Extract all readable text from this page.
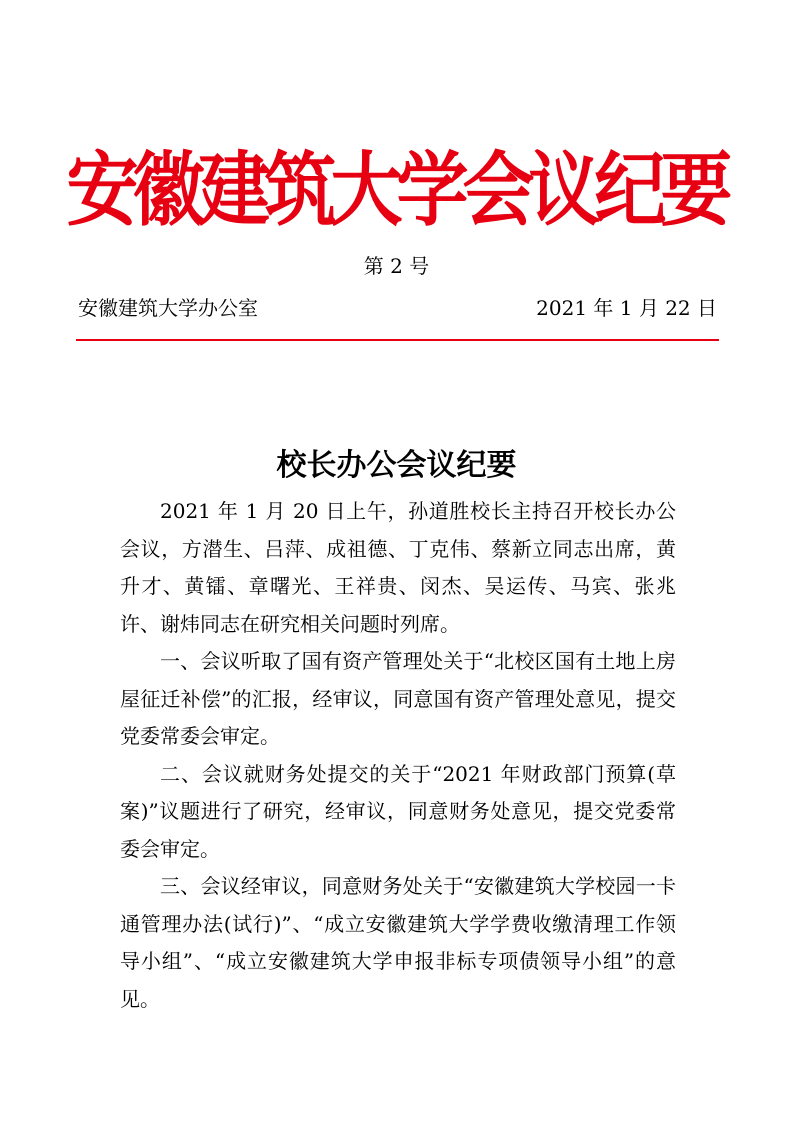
安徽建筑大学会议纪要
第 2 号
安徽建筑大学办公室	2021 年 1 月 22 日
校长办公会议纪要

2021 年 1 月 20 日上午，孙道胜校长主持召开校长办公会议，方潜生、吕萍、成祖德、丁克伟、蔡新立同志出席，黄升才、黄镭、章曙光、王祥贵、闵杰、吴运传、马宾、张兆许、谢炜同志在研究相关问题时列席。

一、会议听取了国有资产管理处关于“北校区国有土地上房屋征迁补偿”的汇报，经审议，同意国有资产管理处意见，提交党委常委会审定。

二、会议就财务处提交的关于“2021 年财政部门预算(草案)”议题进行了研究，经审议，同意财务处意见，提交党委常委会审定。

三、会议经审议，同意财务处关于“安徽建筑大学校园一卡通管理办法(试行)”、“成立安徽建筑大学学费收缴清理工作领导小组”、“成立安徽建筑大学申报非标专项债领导小组”的意见。
